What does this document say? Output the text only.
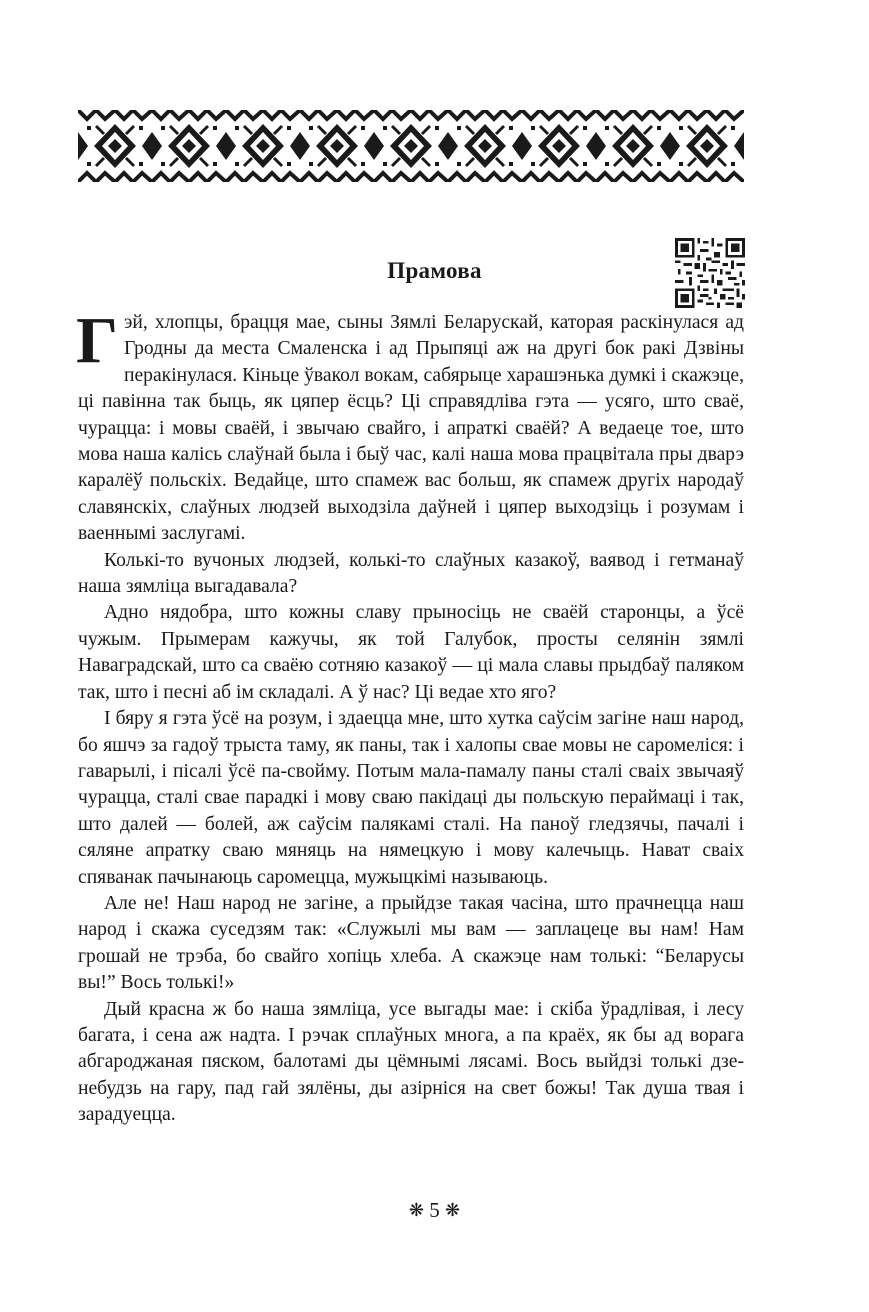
Прамова

Гэй, хлопцы, брацця мае, сыны Зямлі Беларускай, каторая раскінулася ад Гродны да места Смаленска і ад Прыпяці аж на другі бок ракі Дзвіны перакінулася. Кіньце ўвакол вокам, сабярыце харашэнька думкі і скажэце, ці павінна так быць, як цяпер ёсць? Ці справядліва гэта — усяго, што сваё, чурацца: і мовы сваёй, і звычаю свайго, і апраткі сваёй? А ведаеце тое, што мова наша калісь слаўнай была і быў час, калі наша мова працвітала пры дварэ каралёў польскіх. Ведайце, што спамеж вас больш, як спамеж другіх народаў славянскіх, слаўных людзей выходзіла даўней і цяпер выходзіць і розумам і ваеннымі заслугамі.

Колькі-то вучоных людзей, колькі-то слаўных казакоў, ваявод і гетманаў наша зямліца выгадавала?

Адно нядобра, што кожны славу прыносіць не сваёй старонцы, а ўсё чужым. Прымерам кажучы, як той Галубок, просты селянін зямлі Наваградскай, што са сваёю сотняю казакоў — ці мала славы прыдбаў паляком так, што і песні аб ім складалі. А ў нас? Ці ведае хто яго?

І бяру я гэта ўсё на розум, і здаецца мне, што хутка саўсім загіне наш народ, бо яшчэ за гадоў трыста таму, як паны, так і халопы свае мовы не саромеліся: і гаварылі, і пісалі ўсё па-свойму. Потым мала-памалу паны сталі сваіх звычаяў чурацца, сталі свае парадкі і мову сваю пакідаці ды польскую пераймаці і так, што далей — болей, аж саўсім палякамі сталі. На паноў гледзячы, пачалі і сяляне апратку сваю мяняць на нямецкую і мову калечыць. Нават сваіх спяванак пачынаюць саромецца, мужыцкімі называюць.

Але не! Наш народ не загіне, а прыйдзе такая часіна, што прачнецца наш народ і скажа суседзям так: «Служылі мы вам — заплацеце вы нам! Нам грошай не трэба, бо свайго хопіць хлеба. А скажэце нам толькі: “Беларусы вы!” Вось толькі!»

Дый красна ж бо наша зямліца, усе выгады мае: і скіба ўрадлівая, і лесу багата, і сена аж надта. І рэчак сплаўных многа, а па краёх, як бы ад ворага абгароджаная пяском, балотамі ды цёмнымі лясамі. Вось выйдзі толькі дзе-небудзь на гару, пад гай зялёны, ды азірніся на свет божы! Так душа твая і зарадуецца.

❋ 5 ❋
